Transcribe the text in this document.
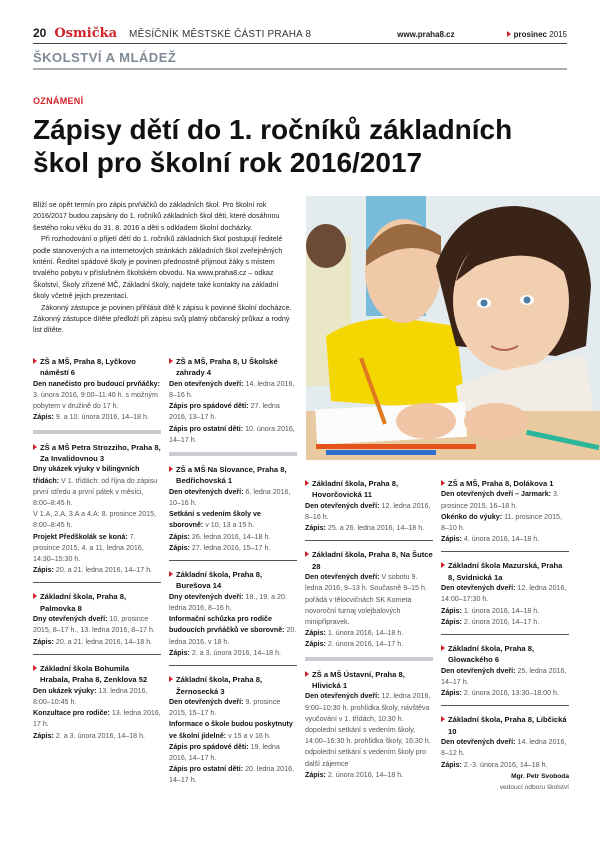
20 Osmička MĚSÍČNÍK MĚSTSKÉ ČÁSTI PRAHA 8	www.praha8.cz	prosinec 2015
ŠKOLSTVÍ A MLÁDEŽ
OZNÁMENÍ
Zápisy dětí do 1. ročníků základních
škol pro školní rok 2016/2017

Blíží se opět termín pro zápis prvňáčků do základních škol. Pro školní rok 2016/2017 budou zapsány do 1. ročníků základních škol děti, které dosáhnou šestého roku věku do 31. 8. 2016 a děti s odkladem školní docházky.

Při rozhodování o přijetí dětí do 1. ročníků základních škol postupují ředitelé podle stanovených a na internetových stránkách základních škol zveřejněných kritérií. Ředitel spádové školy je povinen přednostně přijmout žáky s místem trvalého pobytu v příslušném školském obvodu. Na www.praha8.cz – odkaz Školství, Školy zřízené MČ, Základní školy, najdete také kontakty na základní školy včetně jejich prezentací.

Zákonný zástupce je povinen přihlásit dítě k zápisu k povinné školní docházce. Zákonný zástupce dítěte předloží při zápisu svůj platný občanský průkaz a rodný list dítěte.

ZŠ a MŠ, Praha 8, Lyčkovo náměstí 6
Den nanečisto pro budoucí prvňáčky: 3. února 2016, 9:00–11:40 h. s možným pobytem v družině do 17 h.
Zápis: 9. a 10. února 2016, 14–18 h.
ZŠ a MŠ Petra Strozziho, Praha 8, Za Invalidovnou 3
Dny ukázek výuky v bilingvních třídách: V 1. třídách: od října do zápisu první středu a první pátek v měsíci, 8:00–8:45 h.
V 1.A, 2.A, 3.A a 4.A: 8. prosince 2015, 8:00–8:45 h.
Projekt Předškolák se koná: 7. prosince 2015, 4. a 11. ledna 2016, 14:30–15:30 h.
Zápis: 20. a 21. ledna 2016, 14–17 h.
Základní škola, Praha 8, Palmovka 8
Dny otevřených dveří: 10. prosince 2015, 8–17 h., 13. ledna 2016, 8–17 h.
Zápis: 20. a 21. ledna 2016, 14–18 h.
Základní škola Bohumila Hrabala, Praha 8, Zenklova 52
Den ukázek výuky: 13. ledna 2016, 8:00–10:45 h.
Konzultace pro rodiče: 13. ledna 2016, 17 h.
Zápis: 2. a 3. února 2016, 14–18 h.
ZŠ a MŠ, Praha 8, U Školské zahrady 4
Den otevřených dveří: 14. ledna 2016, 8–16 h.
Zápis pro spádové děti: 27. ledna 2016, 13–17 h.
Zápis pro ostatní děti: 10. února 2016, 14–17 h.
ZŠ a MŠ Na Slovance, Praha 8, Bedřichovská 1
Den otevřených dveří: 6. ledna 2016, 10–16 h.
Setkání s vedením školy ve sborovně: v 10, 13 a 15 h.
Zápis: 26. ledna 2016, 14–18 h.
Zápis: 27. ledna 2016, 15–17 h.
Základní škola, Praha 8, Burešova 14
Dny otevřených dveří: 18., 19. a 20. ledna 2016, 8–16 h.
Informační schůzka pro rodiče budoucích prvňáčků ve sborovně: 20. ledna 2016, v 18 h.
Zápis: 2. a 3. února 2016, 14–18 h.
Základní škola, Praha 8, Žernosecká 3
Den otevřených dveří: 9. prosince 2015, 15–17 h.
Informace o škole budou poskytnuty ve školní jídelně: v 15 a v 16 h.
Zápis pro spádové děti: 19. ledna 2016, 14–17 h.
Zápis pro ostatní děti: 20. ledna 2016, 14–17 h.
Základní škola, Praha 8, Hovorčovická 11
Den otevřených dveří: 12. ledna 2016, 8–16 h.
Zápis: 25. a 26. ledna 2016, 14–18 h.
Základní škola, Praha 8, Na Šutce 28
Den otevřených dveří: V sobotu 9. ledna 2016, 9–13 h. Současně 9–15 h. pořádá v tělocvičnách SK Kometa novoroční turnaj volejbalových minipřípravek.
Zápis: 1. února 2016, 14–18 h.
Zápis: 2. února 2016, 14–17 h.
ZŠ a MŠ Ústavní, Praha 8, Hlivická 1
Den otevřených dveří: 12. ledna 2016, 9:00–10:30 h. prohlídka školy, návštěva vyučování v 1. třídách, 10:30 h. dopolední setkání s vedením školy, 14:00–16:30 h. prohlídka školy, 16:30 h. odpolední setkání s vedením školy pro další zájemce
Zápis: 2. února 2016, 14–18 h.
ZŠ a MŠ, Praha 8, Dolákova 1
Den otevřených dveří – Jarmark: 3. prosince 2015, 16–18 h.
Okénko do výuky: 11. prosince 2015, 8–10 h.
Zápis: 4. února 2016, 14–18 h.
Základní škola Mazurská, Praha 8, Svidnická 1a
Den otevřených dveří: 12. ledna 2016, 14:00–17:30 h.
Zápis: 1. února 2016, 14–18 h.
Zápis: 2. února 2016, 14–17 h.
Základní škola, Praha 8, Glowackého 6
Den otevřených dveří: 25. ledna 2016, 14–17 h.
Zápis: 2. února 2016, 13:30–18:00 h.
Základní škola, Praha 8, Libčická 10
Den otevřených dveří: 14. ledna 2016, 8–12 h.
Zápis: 2.-3. února 2016, 14–18 h.
Mgr. Petr Svoboda
vedoucí odboru školství
